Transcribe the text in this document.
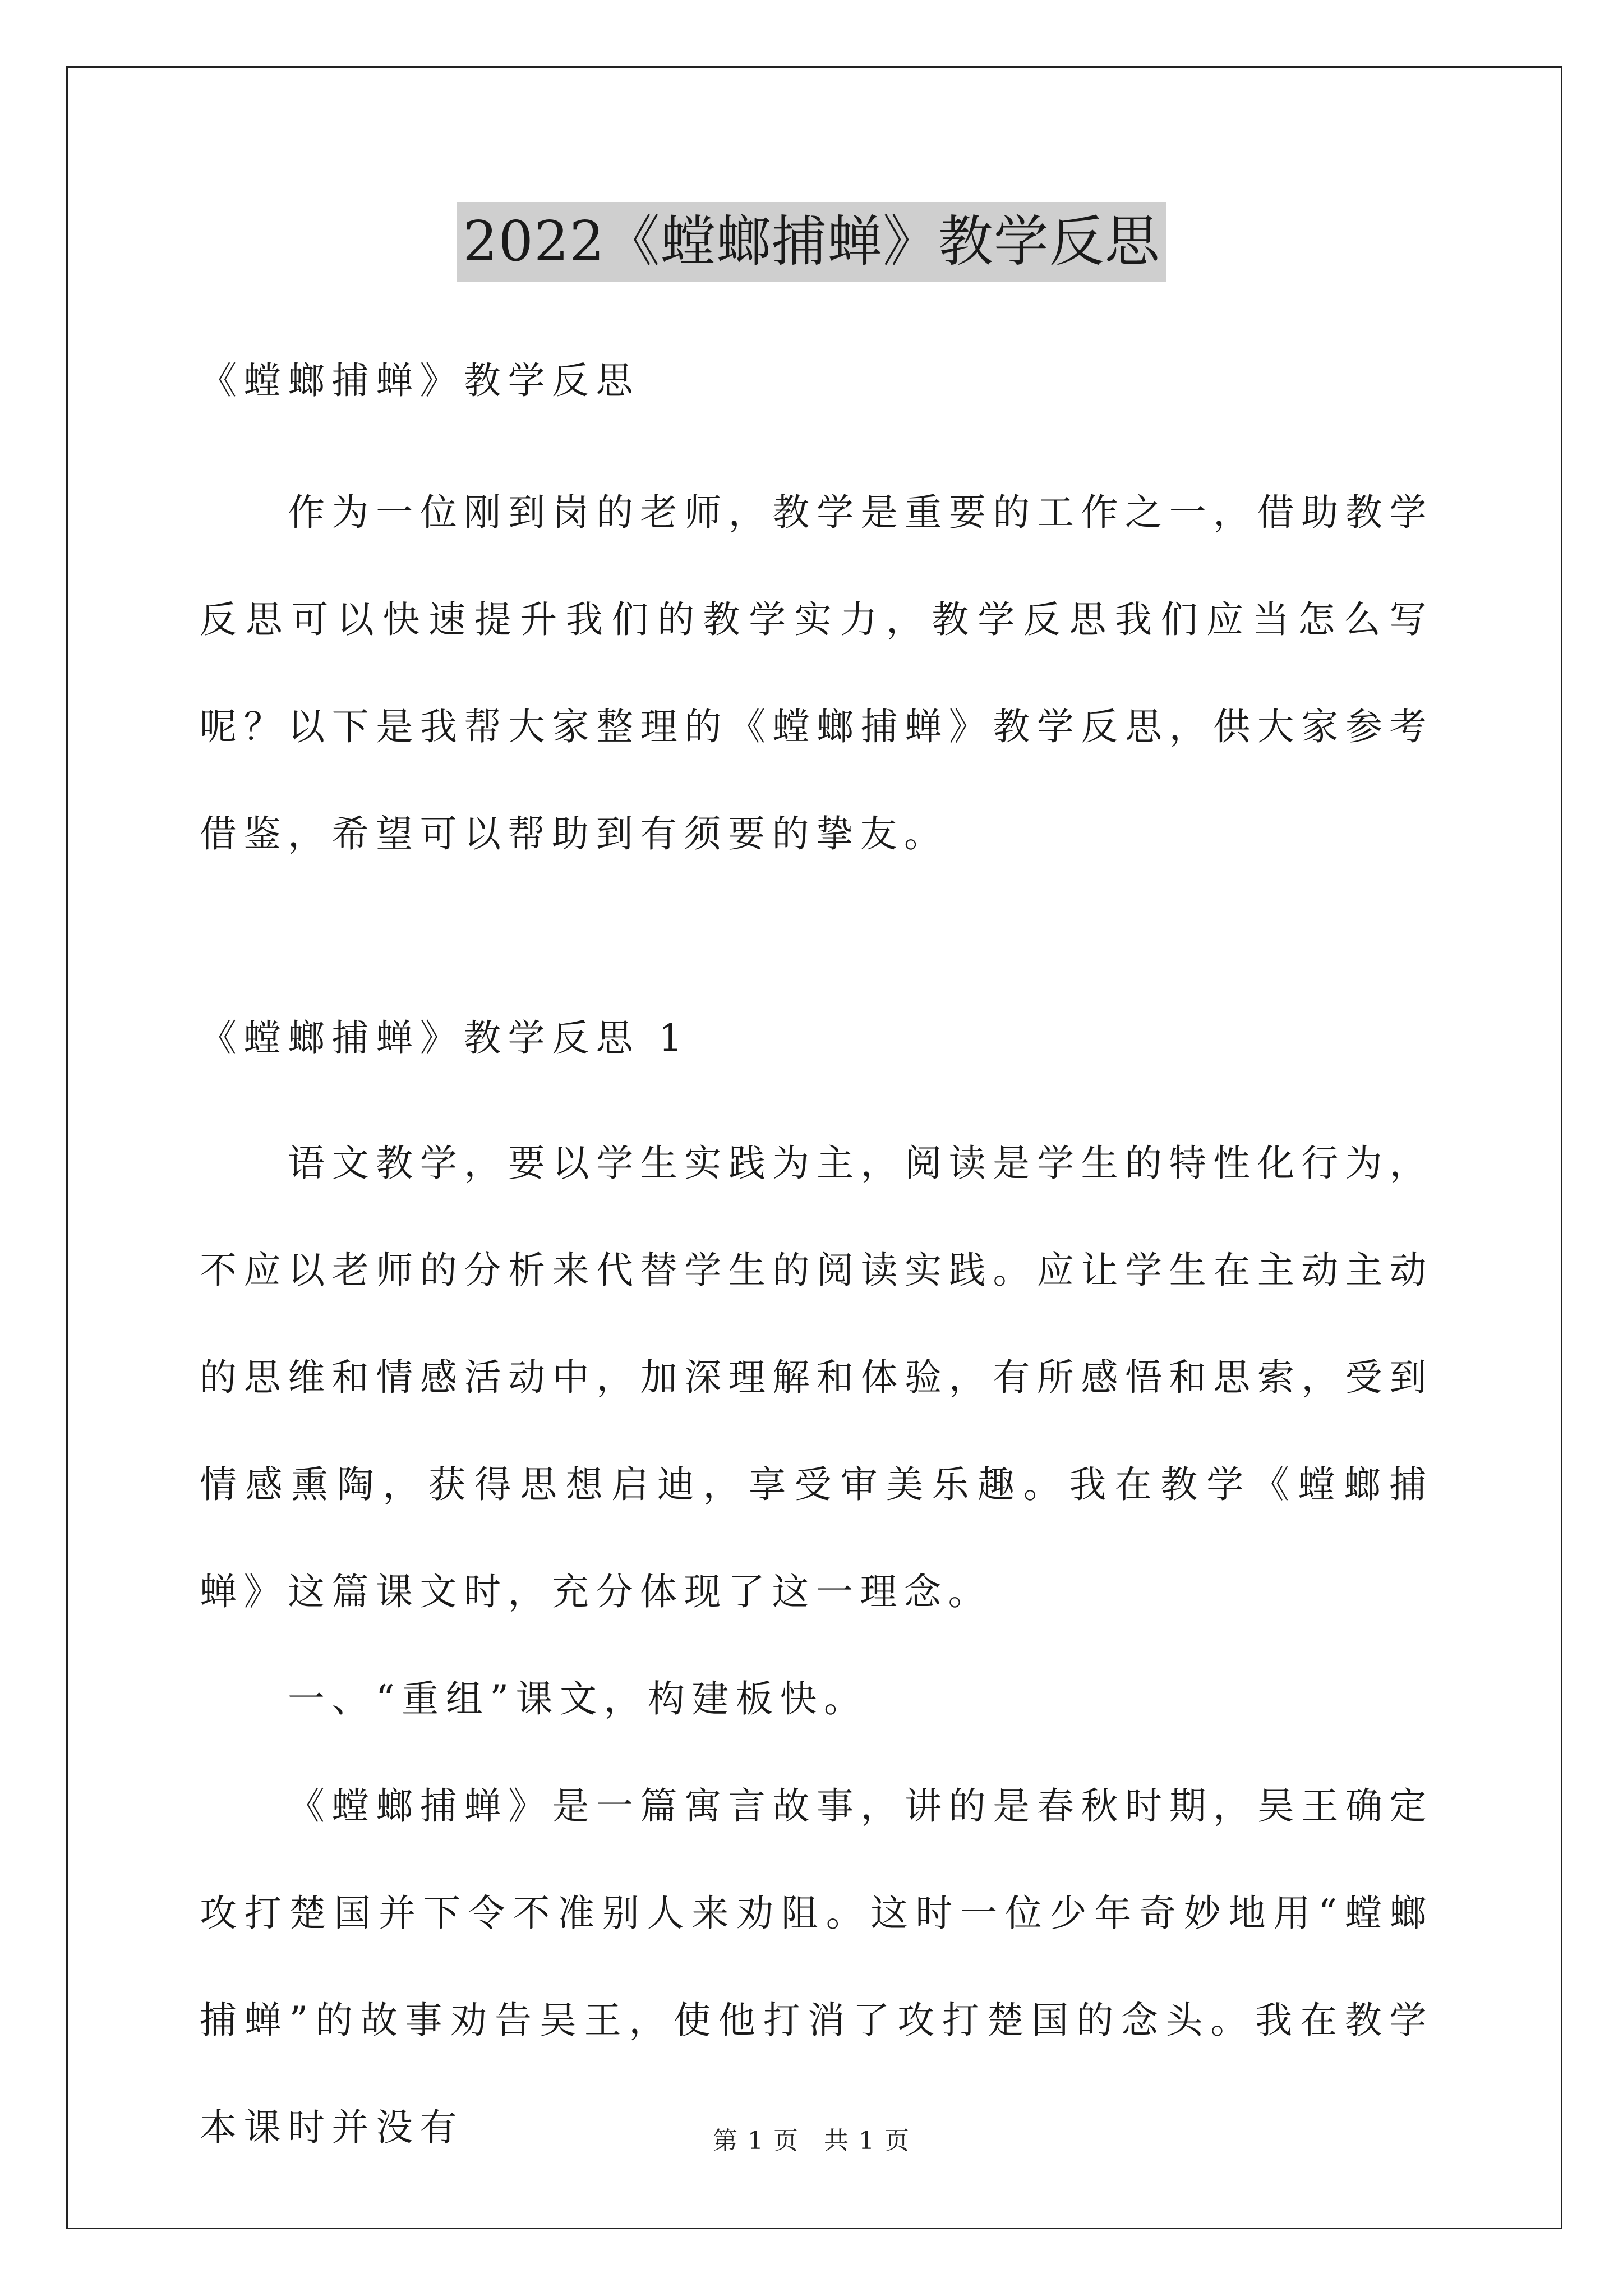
2022《螳螂捕蝉》教学反思

《螳螂捕蝉》教学反思

作为一位刚到岗的老师，教学是重要的工作之一，借助教学反思可以快速提升我们的教学实力，教学反思我们应当怎么写呢？以下是我帮大家整理的《螳螂捕蝉》教学反思，供大家参考借鉴，希望可以帮助到有须要的挚友。

《螳螂捕蝉》教学反思 1

语文教学，要以学生实践为主，阅读是学生的特性化行为，不应以老师的分析来代替学生的阅读实践。应让学生在主动主动的思维和情感活动中，加深理解和体验，有所感悟和思索，受到情感熏陶，获得思想启迪，享受审美乐趣。我在教学《螳螂捕蝉》这篇课文时，充分体现了这一理念。

一、“重组”课文，构建板快。

《螳螂捕蝉》是一篇寓言故事，讲的是春秋时期，吴王确定攻打楚国并下令不准别人来劝阻。这时一位少年奇妙地用“螳螂捕蝉”的故事劝告吴王，使他打消了攻打楚国的念头。我在教学本课时并没有	第 1 页 共 1 页
